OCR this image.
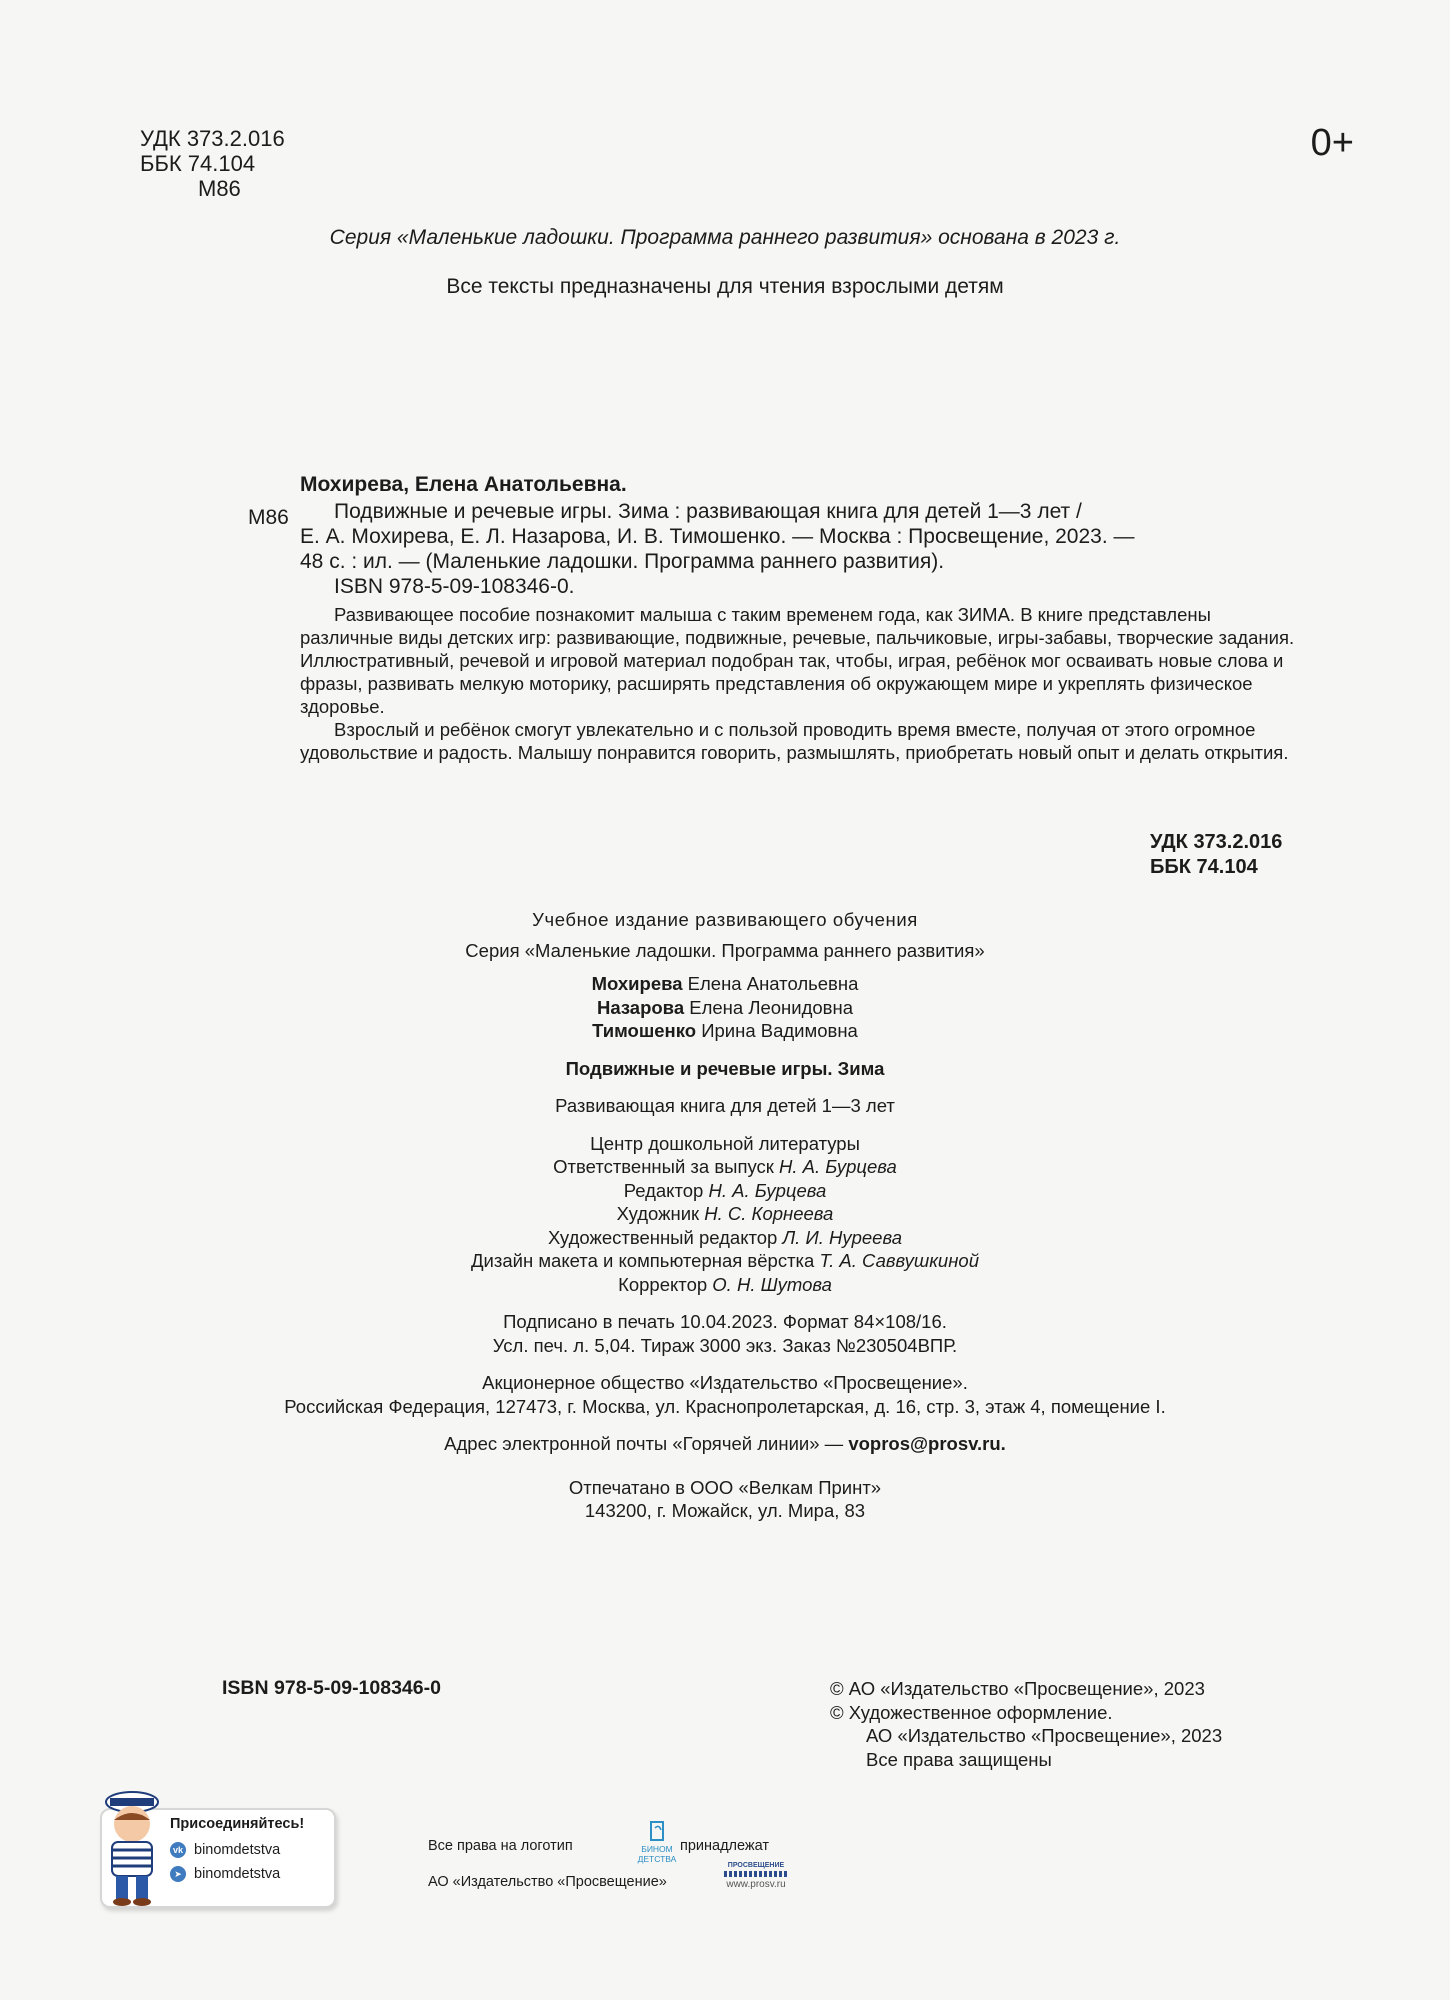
УДК 373.2.016
ББК 74.104
М86
0+
Серия «Маленькие ладошки. Программа раннего развития» основана в 2023 г.
Все тексты предназначены для чтения взрослыми детям
Мохирева, Елена Анатольевна.
М86 Подвижные и речевые игры. Зима : развивающая книга для детей 1—3 лет /
Е. А. Мохирева, Е. Л. Назарова, И. В. Тимошенко. — Москва : Просвещение, 2023. —
48 с. : ил. — (Маленькие ладошки. Программа раннего развития).
ISBN 978-5-09-108346-0.

Развивающее пособие познакомит малыша с таким временем года, как ЗИМА. В книге представлены различные виды детских игр: развивающие, подвижные, речевые, пальчиковые, игры-забавы, творческие задания. Иллюстративный, речевой и игровой материал подобран так, чтобы, играя, ребёнок мог осваивать новые слова и фразы, развивать мелкую моторику, расширять представления об окружающем мире и укреплять физическое здоровье.

Взрослый и ребёнок смогут увлекательно и с пользой проводить время вместе, получая от этого огромное удовольствие и радость. Малышу понравится говорить, размышлять, приобретать новый опыт и делать открытия.

УДК 373.2.016
ББК 74.104
Учебное издание развивающего обучения
Серия «Маленькие ладошки. Программа раннего развития»
Мохирева Елена Анатольевна
Назарова Елена Леонидовна
Тимошенко Ирина Вадимовна
Подвижные и речевые игры. Зима
Развивающая книга для детей 1—3 лет
Центр дошкольной литературы
Ответственный за выпуск Н. А. Бурцева
Редактор Н. А. Бурцева
Художник Н. С. Корнеева
Художественный редактор Л. И. Нуреева
Дизайн макета и компьютерная вёрстка Т. А. Саввушкиной
Корректор О. Н. Шутова
Подписано в печать 10.04.2023. Формат 84×108/16.
Усл. печ. л. 5,04. Тираж 3000 экз. Заказ №230504ВПР.
Акционерное общество «Издательство «Просвещение».
Российская Федерация, 127473, г. Москва, ул. Краснопролетарская, д. 16, стр. 3, этаж 4, помещение I.
Адрес электронной почты «Горячей линии» — vopros@prosv.ru.
Отпечатано в ООО «Велкам Принт»
143200, г. Можайск, ул. Мира, 83
ISBN 978-5-09-108346-0	© АО «Издательство «Просвещение», 2023
© Художественное оформление.
АО «Издательство «Просвещение», 2023
Все права защищены
Присоединяйтесь!
vk binomdetstva
➤ binomdetstva
Все права на логотип	БИНОМ ДЕТСТВА
принадлежат
АО «Издательство «Просвещение»
ПРОСВЕЩЕНИЕ
www.prosv.ru
